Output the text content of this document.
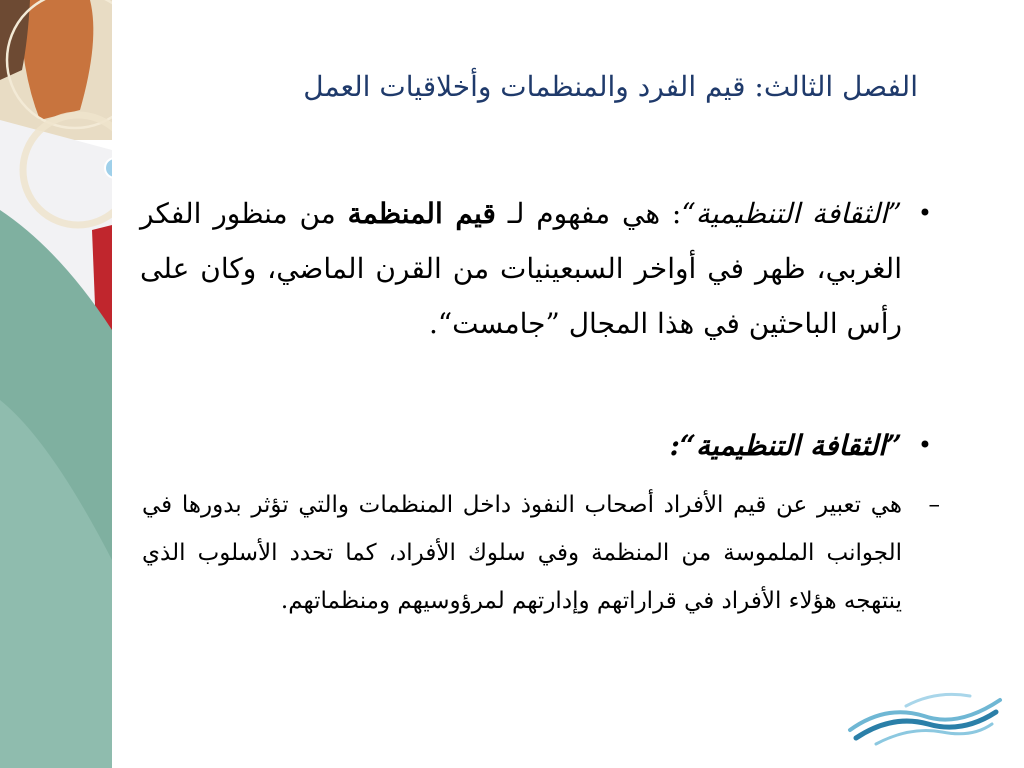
الفصل الثالث: قيم الفرد والمنظمات وأخلاقيات العمل

•
”الثقافة التنظيمية“: هي مفهوم لـ قيم المنظمة من منظور الفكر الغربي، ظهر في أواخر السبعينيات من القرن الماضي، وكان على رأس الباحثين في هذا المجال ”جامست“.

•
”الثقافة التنظيمية“:

–
هي تعبير عن قيم الأفراد أصحاب النفوذ داخل المنظمات والتي تؤثر بدورها في الجوانب الملموسة من المنظمة وفي سلوك الأفراد، كما تحدد الأسلوب الذي ينتهجه هؤلاء الأفراد في قراراتهم وإدارتهم لمرؤوسيهم ومنظماتهم.
